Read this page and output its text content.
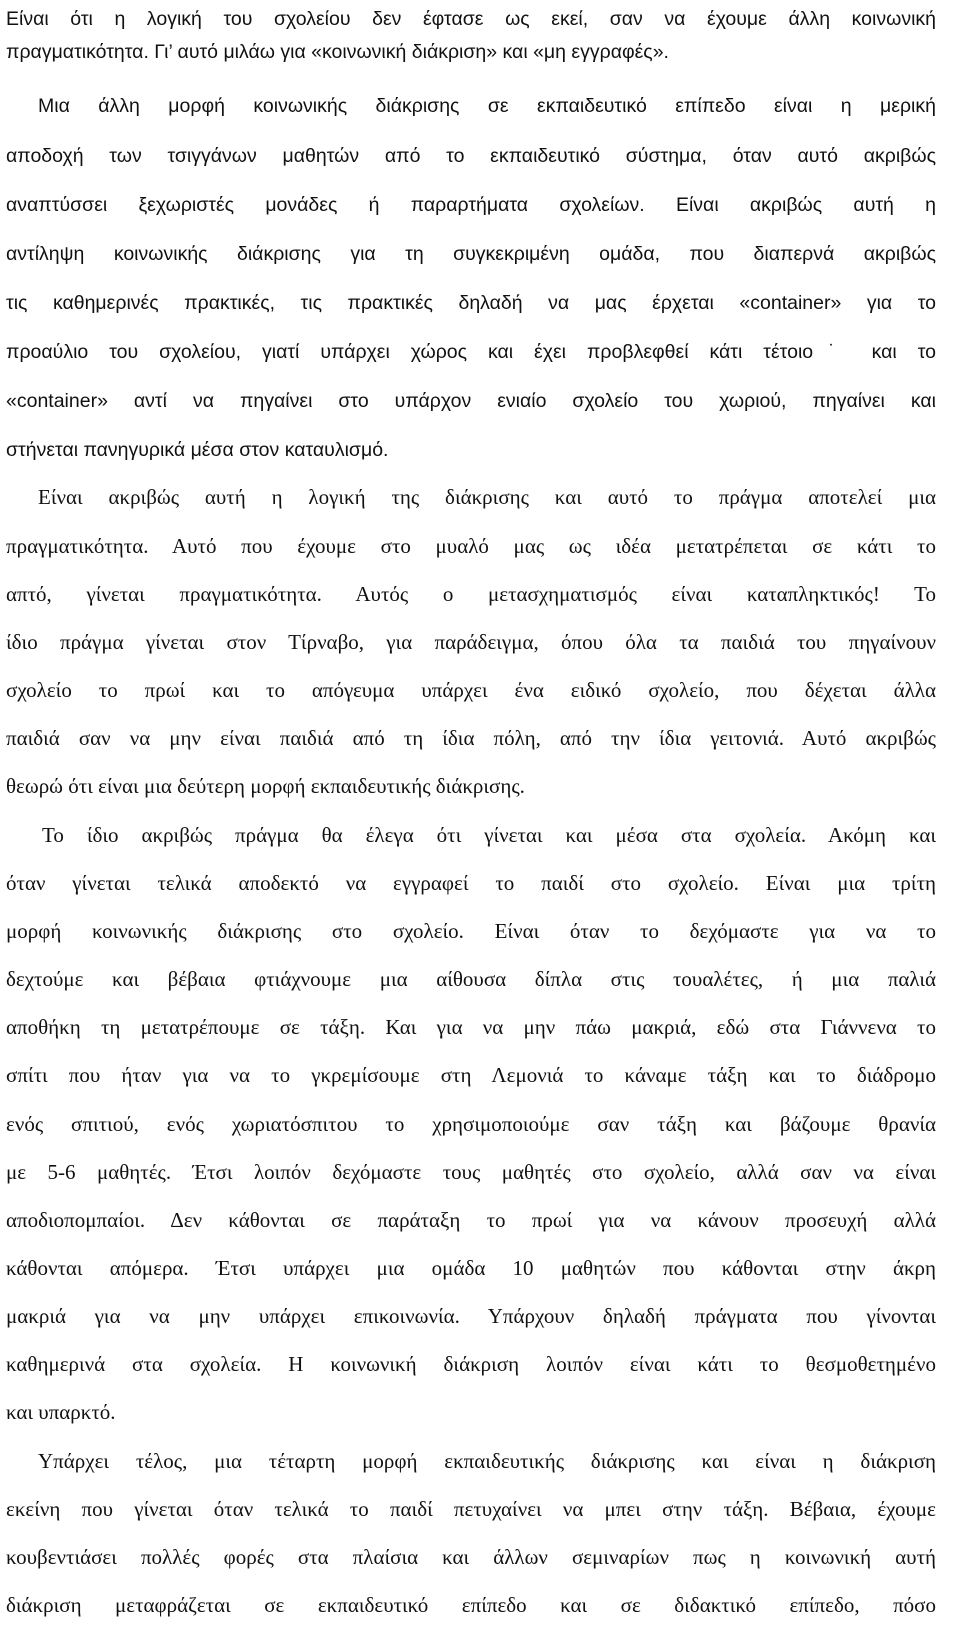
Είναι ότι η λογική του σχολείου δεν έφτασε ως εκεί, σαν να έχουμε άλλη κοινωνική
πραγματικότητα. Γι’ αυτό μιλάω για «κοινωνική διάκριση» και «μη εγγραφές».
Μια άλλη μορφή κοινωνικής διάκρισης σε εκπαιδευτικό επίπεδο είναι η μερική
αποδοχή των τσιγγάνων μαθητών από το εκπαιδευτικό σύστημα, όταν αυτό ακριβώς
αναπτύσσει ξεχωριστές μονάδες ή παραρτήματα σχολείων. Είναι ακριβώς αυτή η
αντίληψη κοινωνικής διάκρισης για τη συγκεκριμένη ομάδα, που διαπερνά ακριβώς
τις καθημερινές πρακτικές, τις πρακτικές δηλαδή να μας έρχεται «container» για το
προαύλιο του σχολείου, γιατί υπάρχει χώρος και έχει προβλεφθεί κάτι τέτοιο˙ και το
«container» αντί να πηγαίνει στο υπάρχον ενιαίο σχολείο του χωριού, πηγαίνει και
στήνεται πανηγυρικά μέσα στον καταυλισμό.
Είναι ακριβώς αυτή η λογική της διάκρισης και αυτό το πράγμα αποτελεί μια
πραγματικότητα. Αυτό που έχουμε στο μυαλό μας ως ιδέα μετατρέπεται σε κάτι το
απτό, γίνεται πραγματικότητα. Αυτός ο μετασχηματισμός είναι καταπληκτικός! Το
ίδιο πράγμα γίνεται στον Τίρναβο, για παράδειγμα, όπου όλα τα παιδιά του πηγαίνουν
σχολείο το πρωί και το απόγευμα υπάρχει ένα ειδικό σχολείο, που δέχεται άλλα
παιδιά σαν να μην είναι παιδιά από τη ίδια πόλη, από την ίδια γειτονιά. Αυτό ακριβώς
θεωρώ ότι είναι μια δεύτερη μορφή εκπαιδευτικής διάκρισης.
Το ίδιο ακριβώς πράγμα θα έλεγα ότι γίνεται και μέσα στα σχολεία. Ακόμη και
όταν γίνεται τελικά αποδεκτό να εγγραφεί το παιδί στο σχολείο. Είναι μια τρίτη
μορφή κοινωνικής διάκρισης στο σχολείο. Είναι όταν το δεχόμαστε για να το
δεχτούμε και βέβαια φτιάχνουμε μια αίθουσα δίπλα στις τουαλέτες, ή μια παλιά
αποθήκη τη μετατρέπουμε σε τάξη. Και για να μην πάω μακριά, εδώ στα Γιάννενα το
σπίτι που ήταν για να το γκρεμίσουμε στη Λεμονιά το κάναμε τάξη και το διάδρομο
ενός σπιτιού, ενός χωριατόσπιτου το χρησιμοποιούμε σαν τάξη και βάζουμε θρανία
με 5-6 μαθητές. Έτσι λοιπόν δεχόμαστε τους μαθητές στο σχολείο, αλλά σαν να είναι
αποδιοπομπαίοι. Δεν κάθονται σε παράταξη το πρωί για να κάνουν προσευχή αλλά
κάθονται απόμερα. Έτσι υπάρχει μια ομάδα 10 μαθητών που κάθονται στην άκρη
μακριά για να μην υπάρχει επικοινωνία. Υπάρχουν δηλαδή πράγματα που γίνονται
καθημερινά στα σχολεία. Η κοινωνική διάκριση λοιπόν είναι κάτι το θεσμοθετημένο
και υπαρκτό.
Υπάρχει τέλος, μια τέταρτη μορφή εκπαιδευτικής διάκρισης και είναι η διάκριση
εκείνη που γίνεται όταν τελικά το παιδί πετυχαίνει να μπει στην τάξη. Βέβαια, έχουμε
κουβεντιάσει πολλές φορές στα πλαίσια και άλλων σεμιναρίων πως η κοινωνική αυτή
διάκριση μεταφράζεται σε εκπαιδευτικό επίπεδο και σε διδακτικό επίπεδο, πόσο
